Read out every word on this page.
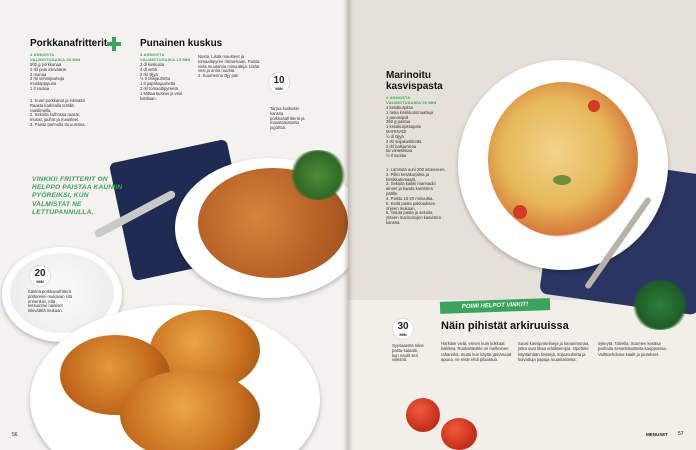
Porkkanafritterit
4 ANNOSTA
VALMISTUSAIKA 30 MIN
500 g porkkanaa
2 rkl pala inkivääriä
2 munaa
2 rkl vehnäjauhoja
mustapippuria
1 tl suolaa
1. Kuori porkkanat ja inkivääri. Raasta karkealla terällä raastimella.
2. Sekoita kulhossa raaste, munat, jauhot ja mausteet.
3. Paista pannulla tai uunissa.
Punainen kuskus
4 ANNOSTA
VALMISTUSAIKA 15 MIN
2 dl kuskusia
4 dl vettä
2 rkl öljyä
½ tl chilijauhetta
1 tl paprikajauhetta
2 rkl tomaattipyreetä
1 Mittaa kuskus ja vesi
kattilaan.
Nosta, Lisää mausteet ja tomaattipyree ritiraa-kaan. Paista vielä muutamia minuutteja. Lisää vesi ja anna nousta.
2. Kuumenna öljy pan	10
MIN
Tarjoa kuskusin kanssa porkkanafritteriä ja maustamatonta jogurttia.
VINKKI! FRITTERIT ON HELPPO PAISTAA KAUNIIN PYÖREIKSI, KUN VALMISTAT NE LETTUPANNULLA.
20
MIN
Käsinä porkkanafritterit pottoresei mukavan sitä ennenkiin, että ketsumme naisiset inkivääriä mukaan.
56
Marinoitu kasvispasta
4 ANNOSTA
VALMISTUSAIKA 30 MIN
1 kesäkurpitsa
1 rasia kirsikkatomaatteja
1 punasipuli
350 g pastaa
1 kesäkurpitsapala
MARINADI
½ dl öljyä
2 rkl soijakastiketta
2 rkl balsamicoa
tai viinietikkaa
½ tl suolaa
1. Lämmitä uuni 200 asteeseen.
2. Pilko kesäkurpitsa ja kirsikkatomaatit.
3. Sekoita kaikki marinadin aineet ja kaada kasvisten päälle.
4. Paista 15-20 minuuttia.
5. Keitä pasta pakkauksen ohjeen mukaan.
6. Valuta pasta ja sekoita yhteen marinoitujen kasvisten kanssa.
30
MIN
Syysaaesta tulee pasta-salaatti, kun nautit sen viileänä.
POIMI HELPOT VINKIT!
Näin pihistät arkiruuissa
Harkitse vielä, ennen kuin kokkaat kaikkea. Ruokahävikki on melkoinen rahareikä, mutta kun käytät jämäruuat apuna, ne eivät ehdi pilaantua.
Suosi kasviproteiineja ja kananmunaa, jotka ovat lihaa edullisempia. Opettele käyttämään linssejä, soijarouhetta ja kuivattuja papuja ruuanlaitossa.
sykeytä. Talvella. Suomen kesäsa parhaita sesonkituotteita kauppoissa. Vaihtoehdoina kaalit ja juurekset.
MENUSET 57
